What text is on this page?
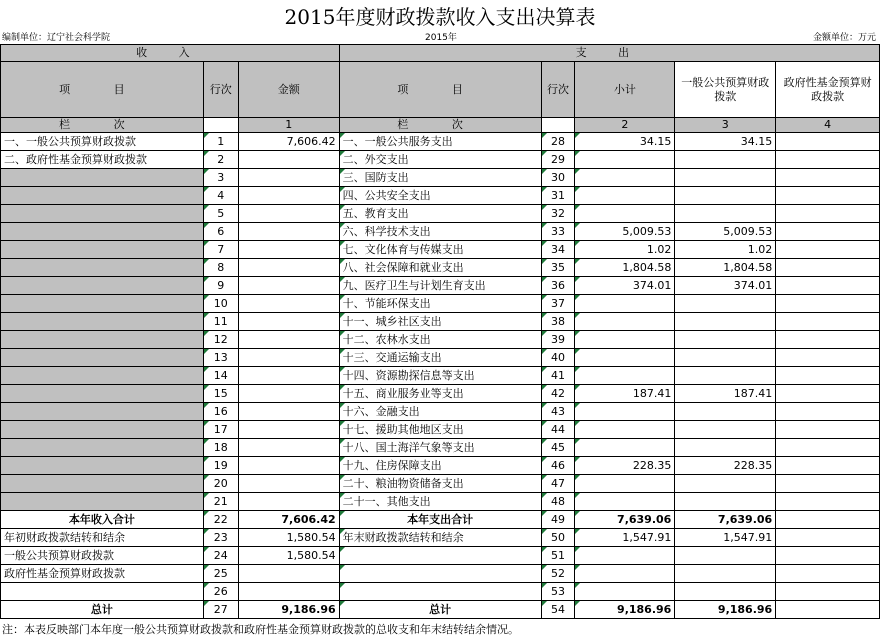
2015年度财政拨款收入支出决算表
编制单位：辽宁社会科学院	2015年	金额单位：万元
收 入			支 出				
项 目	行次	金额	项 目	行次	小计	一般公共预算财政拨款	政府性基金预算财政拨款
栏 次		1	栏 次		2	3	4
一、一般公共预算财政拨款	1	7,606.42	一、一般公共服务支出	28	34.15	34.15	
二、政府性基金预算财政拨款	2		二、外交支出	29			
	3		三、国防支出	30			
	4		四、公共安全支出	31			
	5		五、教育支出	32			
	6		六、科学技术支出	33	5,009.53	5,009.53	
	7		七、文化体育与传媒支出	34	1.02	1.02	
	8		八、社会保障和就业支出	35	1,804.58	1,804.58	
	9		九、医疗卫生与计划生育支出	36	374.01	374.01	
	10		十、节能环保支出	37			
	11		十一、城乡社区支出	38			
	12		十二、农林水支出	39			
	13		十三、交通运输支出	40			
	14		十四、资源勘探信息等支出	41			
	15		十五、商业服务业等支出	42	187.41	187.41	
	16		十六、金融支出	43			
	17		十七、援助其他地区支出	44			
	18		十八、国土海洋气象等支出	45			
	19		十九、住房保障支出	46	228.35	228.35	
	20		二十、粮油物资储备支出	47			
	21		二十一、其他支出	48			
本年收入合计	22	7,606.42	本年支出合计	49	7,639.06	7,639.06	
年初财政拨款结转和结余	23	1,580.54	年末财政拨款结转和结余	50	1,547.91	1,547.91	
一般公共预算财政拨款	24	1,580.54		51			
政府性基金预算财政拨款	25			52			
	26			53			
总计	27	9,186.96	总计	54	9,186.96	9,186.96	
注：本表反映部门本年度一般公共预算财政拨款和政府性基金预算财政拨款的总收支和年末结转结余情况。
